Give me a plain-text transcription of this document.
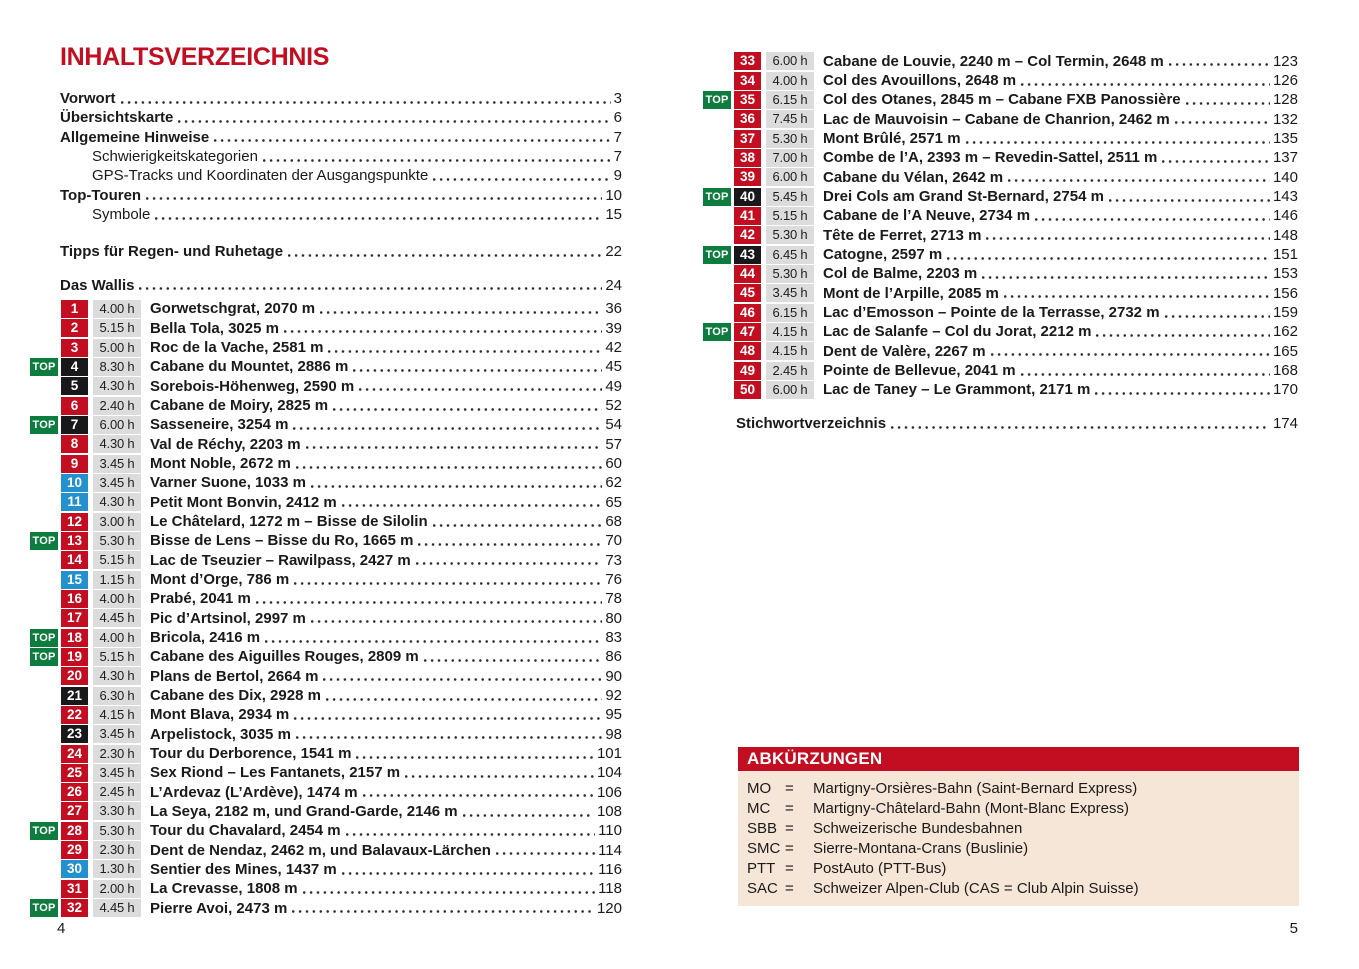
INHALTSVERZEICHNIS
Vorwort	3
Übersichtskarte	6
Allgemeine Hinweise	7
Schwierigkeitskategorien	7
GPS-Tracks und Koordinaten der Ausgangspunkte	9
Top-Touren	10
Symbole	15
Tipps für Regen- und Ruhetage	22
Das Wallis	24
1	4.00 h	Gorwetschgrat, 2070 m	36
2	5.15 h	Bella Tola, 3025 m	39
3	5.00 h	Roc de la Vache, 2581 m	42
TOP	4	8.30 h	Cabane du Mountet, 2886 m	45
5	4.30 h	Sorebois-Höhenweg, 2590 m	49
6	2.40 h	Cabane de Moiry, 2825 m	52
TOP	7	6.00 h	Sasseneire, 3254 m	54
8	4.30 h	Val de Réchy, 2203 m	57
9	3.45 h	Mont Noble, 2672 m	60
10	3.45 h	Varner Suone, 1033 m	62
11	4.30 h	Petit Mont Bonvin, 2412 m	65
12	3.00 h	Le Châtelard, 1272 m – Bisse de Silolin	68
TOP 13	5.30 h	Bisse de Lens – Bisse du Ro, 1665 m	70
14	5.15 h	Lac de Tseuzier – Rawilpass, 2427 m	73
15	1.15 h	Mont d’Orge, 786 m	76
16	4.00 h	Prabé, 2041 m	78
17	4.45 h	Pic d’Artsinol, 2997 m	80
TOP 18	4.00 h	Bricola, 2416 m	83
TOP 19	5.15 h	Cabane des Aiguilles Rouges, 2809 m	86
20	4.30 h	Plans de Bertol, 2664 m	90
21	6.30 h	Cabane des Dix, 2928 m	92
22	4.15 h	Mont Blava, 2934 m	95
23	3.45 h	Arpelistock, 3035 m	98
24	2.30 h	Tour du Derborence, 1541 m	101
25	3.45 h	Sex Riond – Les Fantanets, 2157 m	104
26	2.45 h	L’Ardevaz (L’Ardève), 1474 m	106
27	3.30 h	La Seya, 2182 m, und Grand-Garde, 2146 m	108
TOP 28	5.30 h	Tour du Chavalard, 2454 m	110
29	2.30 h	Dent de Nendaz, 2462 m, und Balavaux-Lärchen	114
30	1.30 h	Sentier des Mines, 1437 m	116
31	2.00 h	La Crevasse, 1808 m	118
TOP 32	4.45 h	Pierre Avoi, 2473 m	120
33	6.00 h	Cabane de Louvie, 2240 m – Col Termin, 2648 m	123
34	4.00 h	Col des Avouillons, 2648 m	126
TOP 35	6.15 h	Col des Otanes, 2845 m – Cabane FXB Panossière	128
36	7.45 h	Lac de Mauvoisin – Cabane de Chanrion, 2462 m	132
37	5.30 h	Mont Brûlé, 2571 m	135
38	7.00 h	Combe de l’A, 2393 m – Revedin-Sattel, 2511 m	137
39	6.00 h	Cabane du Vélan, 2642 m	140
TOP 40	5.45 h	Drei Cols am Grand St-Bernard, 2754 m	143
41	5.15 h	Cabane de l’A Neuve, 2734 m	146
42	5.30 h	Tête de Ferret, 2713 m	148
TOP 43	6.45 h	Catogne, 2597 m	151
44	5.30 h	Col de Balme, 2203 m	153
45	3.45 h	Mont de l’Arpille, 2085 m	156
46	6.15 h	Lac d’Emosson – Pointe de la Terrasse, 2732 m	159
TOP 47	4.15 h	Lac de Salanfe – Col du Jorat, 2212 m	162
48	4.15 h	Dent de Valère, 2267 m	165
49	2.45 h	Pointe de Bellevue, 2041 m	168
50	6.00 h	Lac de Taney – Le Grammont, 2171 m	170
Stichwortverzeichnis	174
ABKÜRZUNGEN
MO =	Martigny-Orsières-Bahn (Saint-Bernard Express)
MC =	Martigny-Châtelard-Bahn (Mont-Blanc Express)
SBB =	Schweizerische Bundesbahnen
SMC =	Sierre-Montana-Crans (Buslinie)
PTT =	PostAuto (PTT-Bus)
SAC =	Schweizer Alpen-Club (CAS = Club Alpin Suisse)
4	5
